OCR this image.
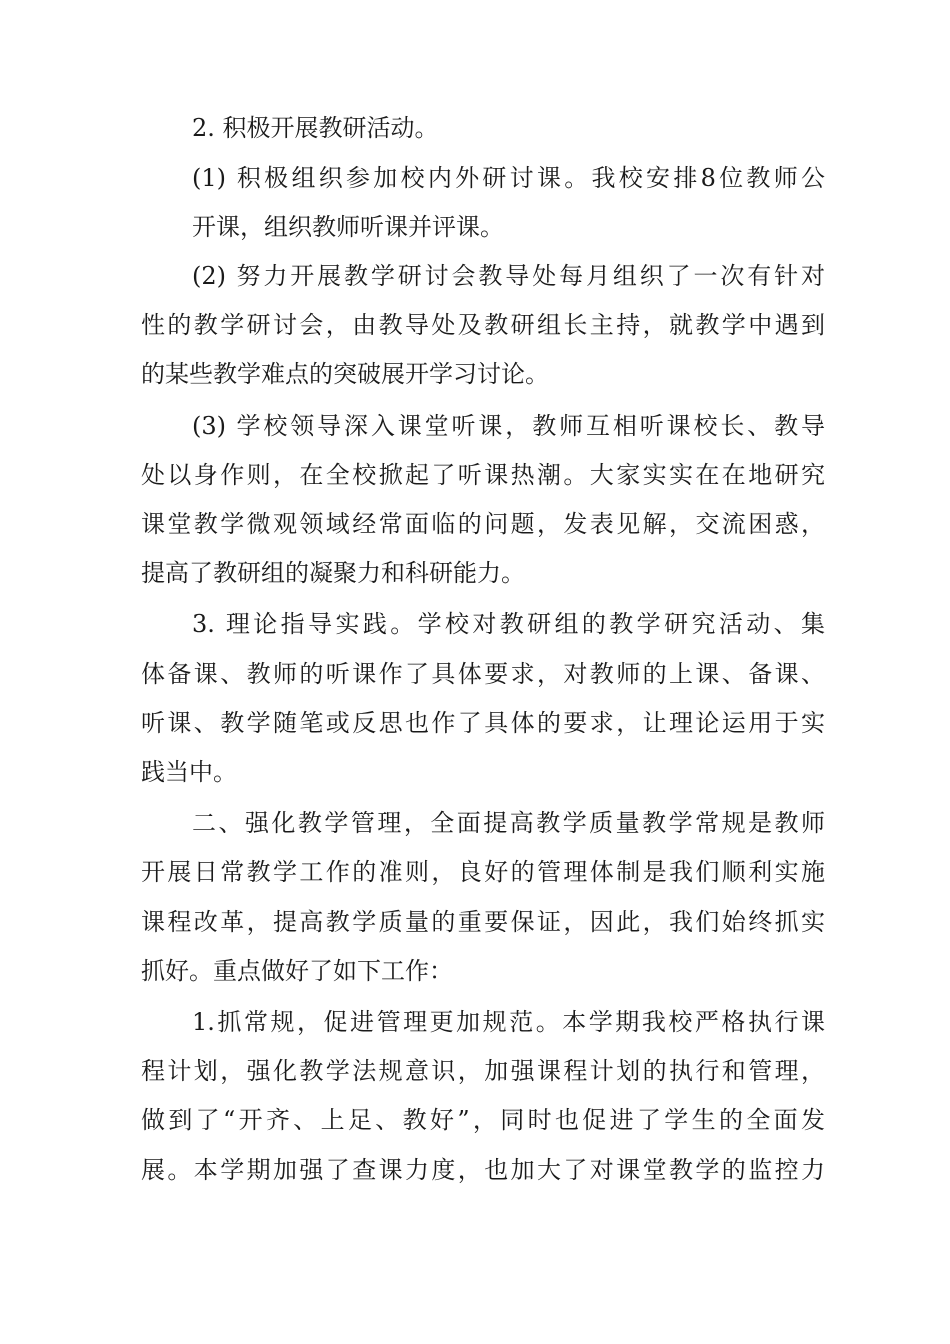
2. 积极开展教研活动。
(1) 积极组织参加校内外研讨课。我校安排8位教师公
开课，组织教师听课并评课。
(2) 努力开展教学研讨会教导处每月组织了一次有针对
性的教学研讨会，由教导处及教研组长主持，就教学中遇到
的某些教学难点的突破展开学习讨论。
(3) 学校领导深入课堂听课，教师互相听课校长、教导
处以身作则，在全校掀起了听课热潮。大家实实在在地研究
课堂教学微观领域经常面临的问题，发表见解，交流困惑，
提高了教研组的凝聚力和科研能力。
3. 理论指导实践。学校对教研组的教学研究活动、集
体备课、教师的听课作了具体要求，对教师的上课、备课、
听课、教学随笔或反思也作了具体的要求，让理论运用于实
践当中。
二、强化教学管理，全面提高教学质量教学常规是教师
开展日常教学工作的准则，良好的管理体制是我们顺利实施
课程改革，提高教学质量的重要保证，因此，我们始终抓实
抓好。重点做好了如下工作：
1.抓常规，促进管理更加规范。本学期我校严格执行课
程计划，强化教学法规意识，加强课程计划的执行和管理，
做到了“开齐、上足、教好”，同时也促进了学生的全面发
展。本学期加强了查课力度，也加大了对课堂教学的监控力
